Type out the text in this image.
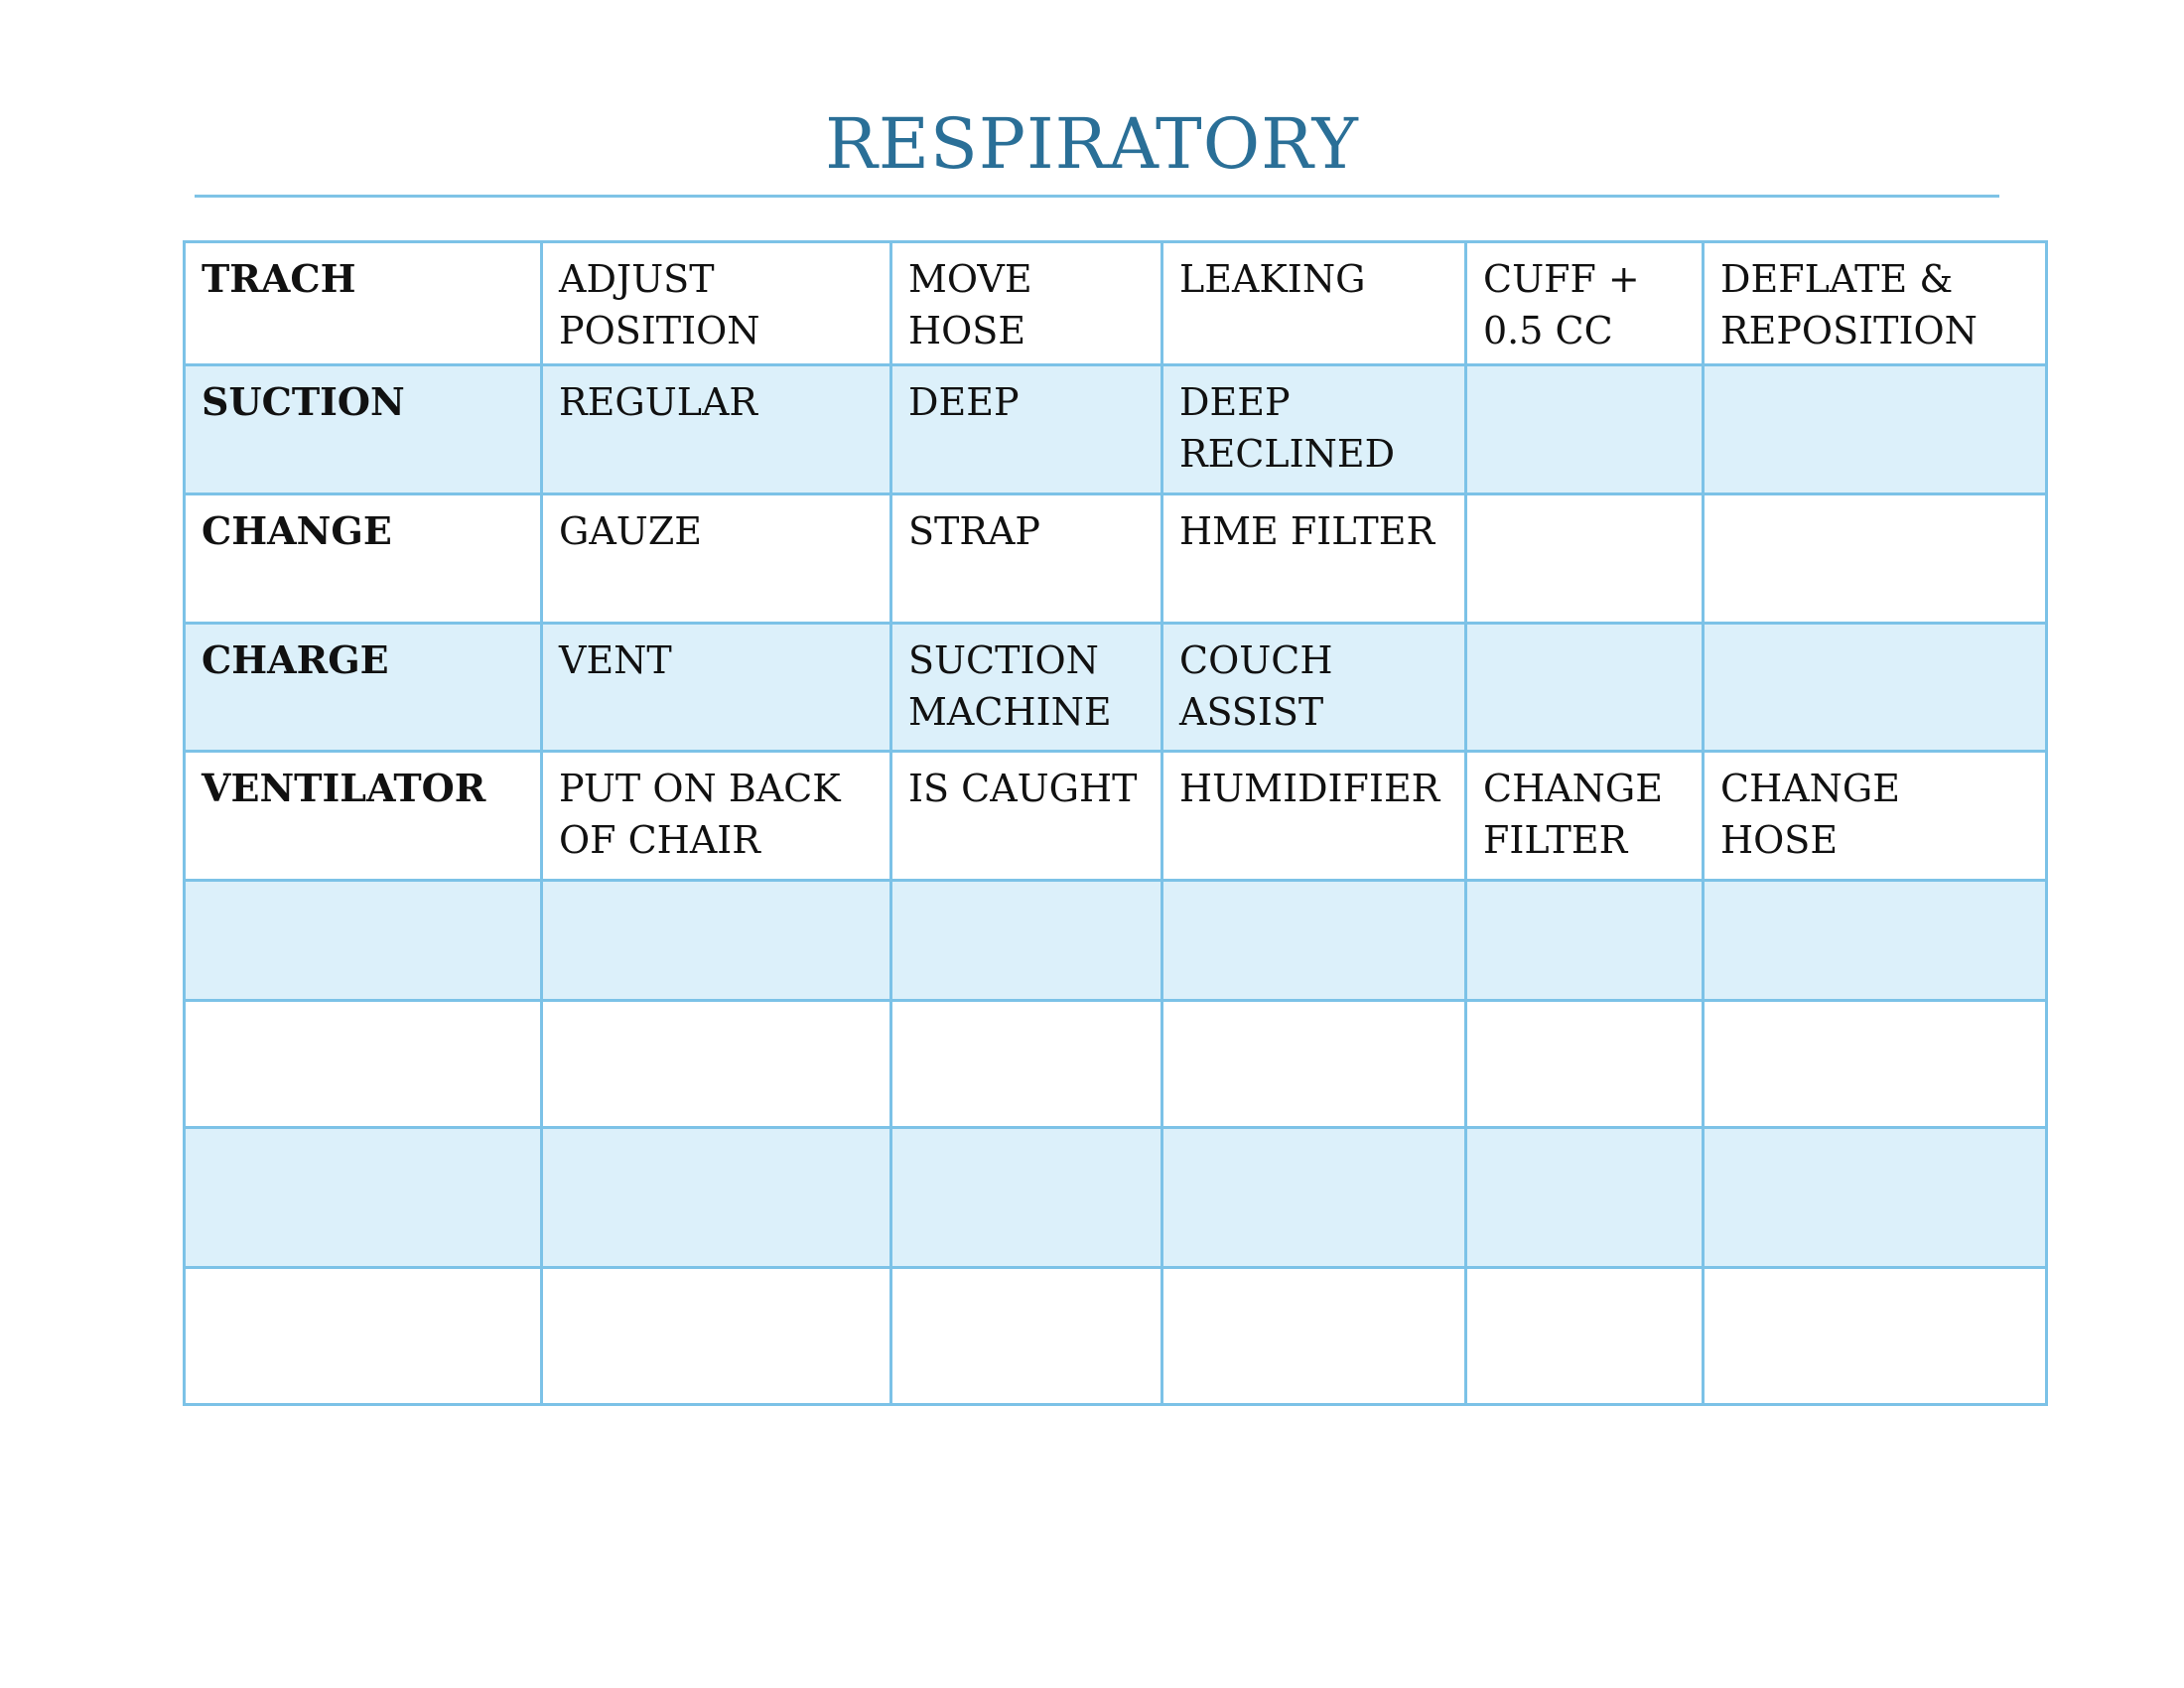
RESPIRATORY
TRACH	ADJUST POSITION	MOVE HOSE	LEAKING	CUFF + 0.5 CC	DEFLATE & REPOSITION
SUCTION	REGULAR	DEEP	DEEP RECLINED		
CHANGE	GAUZE	STRAP	HME FILTER		
CHARGE	VENT	SUCTION MACHINE	COUCH ASSIST		
VENTILATOR	PUT ON BACK OF CHAIR	IS CAUGHT	HUMIDIFIER	CHANGE FILTER	CHANGE HOSE
